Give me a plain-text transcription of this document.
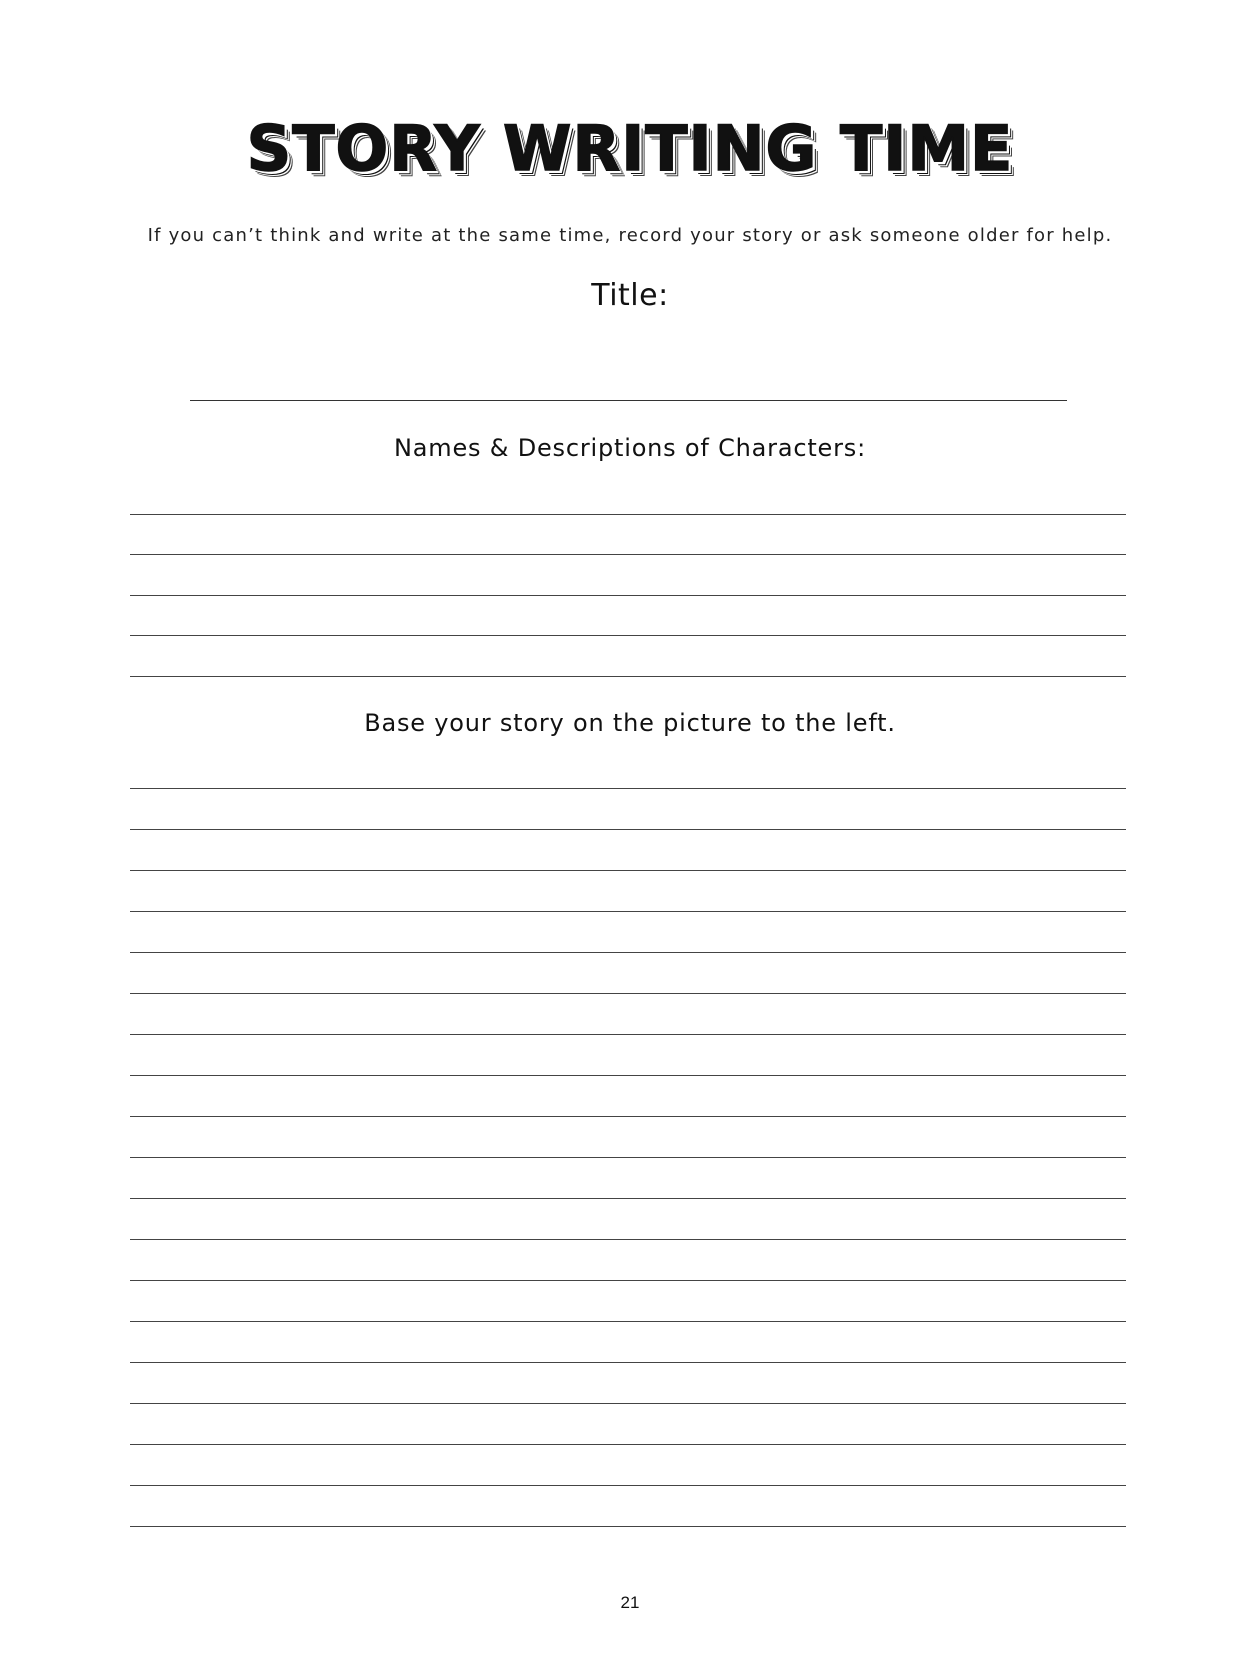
STORY WRITING TIME
If you can’t think and write at the same time, record your story or ask someone older for help.
Title:
Names & Descriptions of Characters:
Base your story on the picture to the left.
21
